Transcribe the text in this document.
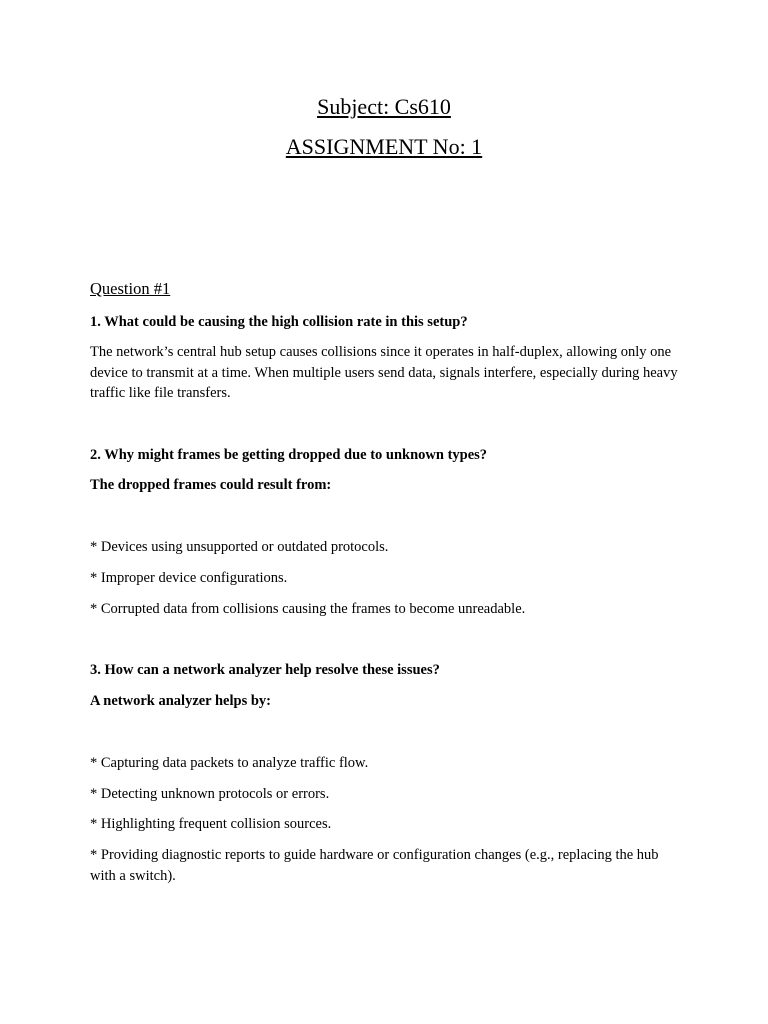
Subject: Cs610
ASSIGNMENT No: 1
Question #1

1. What could be causing the high collision rate in this setup?

The network’s central hub setup causes collisions since it operates in half-duplex, allowing only one device to transmit at a time. When multiple users send data, signals interfere, especially during heavy traffic like file transfers.

2. Why might frames be getting dropped due to unknown types?

The dropped frames could result from:

* Devices using unsupported or outdated protocols.

* Improper device configurations.

* Corrupted data from collisions causing the frames to become unreadable.

3. How can a network analyzer help resolve these issues?

A network analyzer helps by:

* Capturing data packets to analyze traffic flow.

* Detecting unknown protocols or errors.

* Highlighting frequent collision sources.

* Providing diagnostic reports to guide hardware or configuration changes (e.g., replacing the hub with a switch).
